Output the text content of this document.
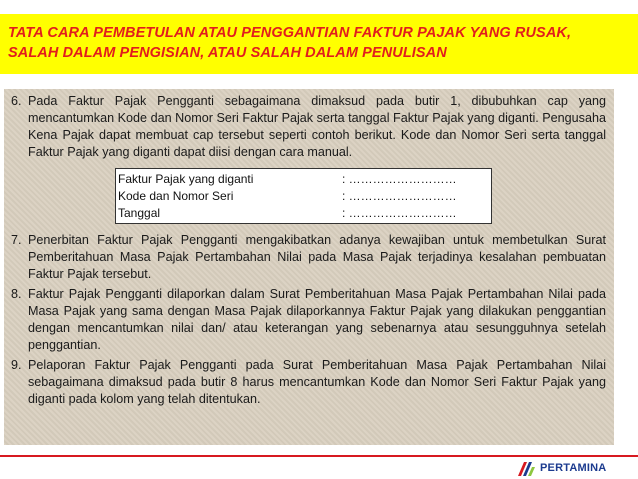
TATA CARA PEMBETULAN ATAU PENGGANTIAN FAKTUR PAJAK YANG RUSAK,
SALAH DALAM PENGISIAN, ATAU SALAH DALAM PENULISAN
6. Pada Faktur Pajak Pengganti sebagaimana dimaksud pada butir 1, dibubuhkan cap yang mencantumkan Kode dan Nomor Seri Faktur Pajak serta tanggal Faktur Pajak yang diganti. Pengusaha Kena Pajak dapat membuat cap tersebut seperti contoh berikut. Kode dan Nomor Seri serta tanggal Faktur Pajak yang diganti dapat diisi dengan cara manual.
Faktur Pajak yang diganti	: ………………………
Kode dan Nomor Seri	: ………………………
Tanggal	: ………………………
7. Penerbitan Faktur Pajak Pengganti mengakibatkan adanya kewajiban untuk membetulkan Surat Pemberitahuan Masa Pajak Pertambahan Nilai pada Masa Pajak terjadinya kesalahan pembuatan Faktur Pajak tersebut.
8. Faktur Pajak Pengganti dilaporkan dalam Surat Pemberitahuan Masa Pajak Pertambahan Nilai pada Masa Pajak yang sama dengan Masa Pajak dilaporkannya Faktur Pajak yang dilakukan penggantian dengan mencantumkan nilai dan/ atau keterangan yang sebenarnya atau sesungguhnya setelah penggantian.
9. Pelaporan Faktur Pajak Pengganti pada Surat Pemberitahuan Masa Pajak Pertambahan Nilai sebagaimana dimaksud pada butir 8 harus mencantumkan Kode dan Nomor Seri Faktur Pajak yang diganti pada kolom yang telah ditentukan.
PERTAMINA
